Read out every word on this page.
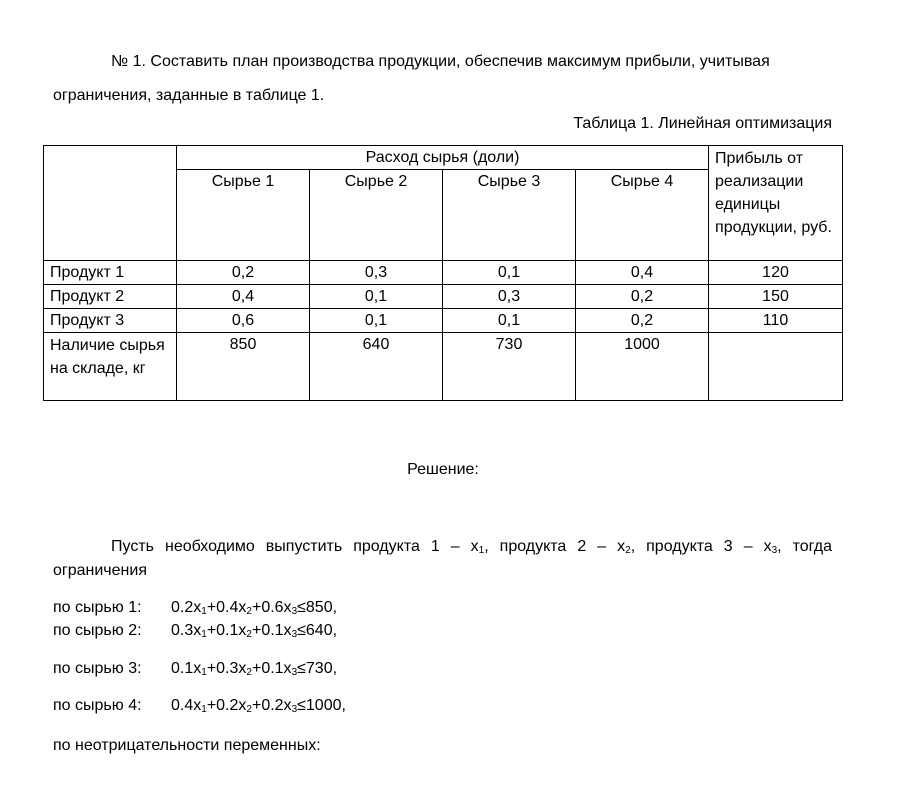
№ 1. Составить план производства продукции, обеспечив максимум прибыли, учитывая ограничения, заданные в таблице 1.

Таблица 1. Линейная оптимизация

	Расход сырья (доли)				Прибыль от реализации единицы продукции, руб.
	Сырье 1	Сырье 2	Сырье 3	Сырье 4	
Продукт 1	0,2	0,3	0,1	0,4	120
Продукт 2	0,4	0,1	0,3	0,2	150
Продукт 3	0,6	0,1	0,1	0,2	110
Наличие сырья на складе, кг	850	640	730	1000	

Решение:

Пусть необходимо выпустить продукта $1 - x_1$, продукта $2 - x_2$, продукта $3 - x_3$, тогда ограничения

по сырью 1: $0.2x_1+0.4x_2+0.6x_3\le 850$,

по сырью 2: $0.3x_1+0.1x_2+0.1x_3\le 640$,

по сырью 3: $0.1x_1+0.3x_2+0.1x_3\le 730$,

по сырью 4: $0.4x_1+0.2x_2+0.2x_3\le 1000$,

по неотрицательности переменных:
